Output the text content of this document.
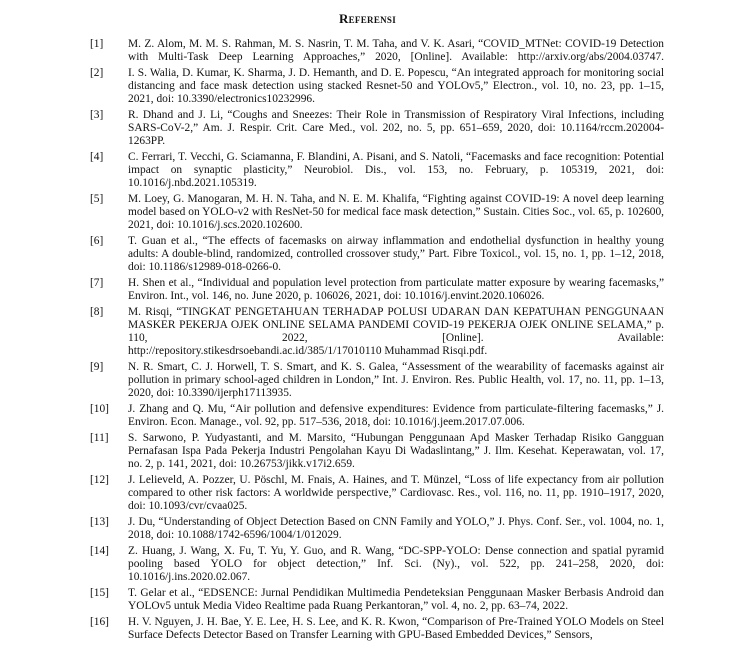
Referensi
[1]	M. Z. Alom, M. M. S. Rahman, M. S. Nasrin, T. M. Taha, and V. K. Asari, “COVID_MTNet: COVID-19 Detection with Multi-Task Deep Learning Approaches,” 2020, [Online]. Available: http://arxiv.org/abs/2004.03747.
[2]	I. S. Walia, D. Kumar, K. Sharma, J. D. Hemanth, and D. E. Popescu, “An integrated approach for monitoring social distancing and face mask detection using stacked Resnet-50 and YOLOv5,” Electron., vol. 10, no. 23, pp. 1–15, 2021, doi: 10.3390/electronics10232996.
[3]	R. Dhand and J. Li, “Coughs and Sneezes: Their Role in Transmission of Respiratory Viral Infections, including SARS-CoV-2,” Am. J. Respir. Crit. Care Med., vol. 202, no. 5, pp. 651–659, 2020, doi: 10.1164/rccm.202004-1263PP.
[4]	C. Ferrari, T. Vecchi, G. Sciamanna, F. Blandini, A. Pisani, and S. Natoli, “Facemasks and face recognition: Potential impact on synaptic plasticity,” Neurobiol. Dis., vol. 153, no. February, p. 105319, 2021, doi: 10.1016/j.nbd.2021.105319.
[5]	M. Loey, G. Manogaran, M. H. N. Taha, and N. E. M. Khalifa, “Fighting against COVID-19: A novel deep learning model based on YOLO-v2 with ResNet-50 for medical face mask detection,” Sustain. Cities Soc., vol. 65, p. 102600, 2021, doi: 10.1016/j.scs.2020.102600.
[6]	T. Guan et al., “The effects of facemasks on airway inflammation and endothelial dysfunction in healthy young adults: A double-blind, randomized, controlled crossover study,” Part. Fibre Toxicol., vol. 15, no. 1, pp. 1–12, 2018, doi: 10.1186/s12989-018-0266-0.
[7]	H. Shen et al., “Individual and population level protection from particulate matter exposure by wearing facemasks,” Environ. Int., vol. 146, no. June 2020, p. 106026, 2021, doi: 10.1016/j.envint.2020.106026.
[8]	M. Risqi, “TINGKAT PENGETAHUAN TERHADAP POLUSI UDARAN DAN KEPATUHAN PENGGUNAAN MASKER PEKERJA OJEK ONLINE SELAMA PANDEMI COVID-19 PEKERJA OJEK ONLINE SELAMA,” p. 110, 2022, [Online]. Available:
http://repository.stikesdrsoebandi.ac.id/385/1/17010110 Muhammad Risqi.pdf.
[9]	N. R. Smart, C. J. Horwell, T. S. Smart, and K. S. Galea, “Assessment of the wearability of facemasks against air pollution in primary school-aged children in London,” Int. J. Environ. Res. Public Health, vol. 17, no. 11, pp. 1–13, 2020, doi: 10.3390/ijerph17113935.
[10]	J. Zhang and Q. Mu, “Air pollution and defensive expenditures: Evidence from particulate-filtering facemasks,” J. Environ. Econ. Manage., vol. 92, pp. 517–536, 2018, doi: 10.1016/j.jeem.2017.07.006.
[11]	S. Sarwono, P. Yudyastanti, and M. Marsito, “Hubungan Penggunaan Apd Masker Terhadap Risiko Gangguan Pernafasan Ispa Pada Pekerja Industri Pengolahan Kayu Di Wadaslintang,” J. Ilm. Kesehat. Keperawatan, vol. 17, no. 2, p. 141, 2021, doi: 10.26753/jikk.v17i2.659.
[12]	J. Lelieveld, A. Pozzer, U. Pöschl, M. Fnais, A. Haines, and T. Münzel, “Loss of life expectancy from air pollution compared to other risk factors: A worldwide perspective,” Cardiovasc. Res., vol. 116, no. 11, pp. 1910–1917, 2020, doi: 10.1093/cvr/cvaa025.
[13]	J. Du, “Understanding of Object Detection Based on CNN Family and YOLO,” J. Phys. Conf. Ser., vol. 1004, no. 1, 2018, doi: 10.1088/1742-6596/1004/1/012029.
[14]	Z. Huang, J. Wang, X. Fu, T. Yu, Y. Guo, and R. Wang, “DC-SPP-YOLO: Dense connection and spatial pyramid pooling based YOLO for object detection,” Inf. Sci. (Ny)., vol. 522, pp. 241–258, 2020, doi: 10.1016/j.ins.2020.02.067.
[15]	T. Gelar et al., “EDSENCE: Jurnal Pendidikan Multimedia Pendeteksian Penggunaan Masker Berbasis Android dan YOLOv5 untuk Media Video Realtime pada Ruang Perkantoran,” vol. 4, no. 2, pp. 63–74, 2022.
[16]	H. V. Nguyen, J. H. Bae, Y. E. Lee, H. S. Lee, and K. R. Kwon, “Comparison of Pre-Trained YOLO Models on Steel Surface Defects Detector Based on Transfer Learning with GPU-Based Embedded Devices,” Sensors,
